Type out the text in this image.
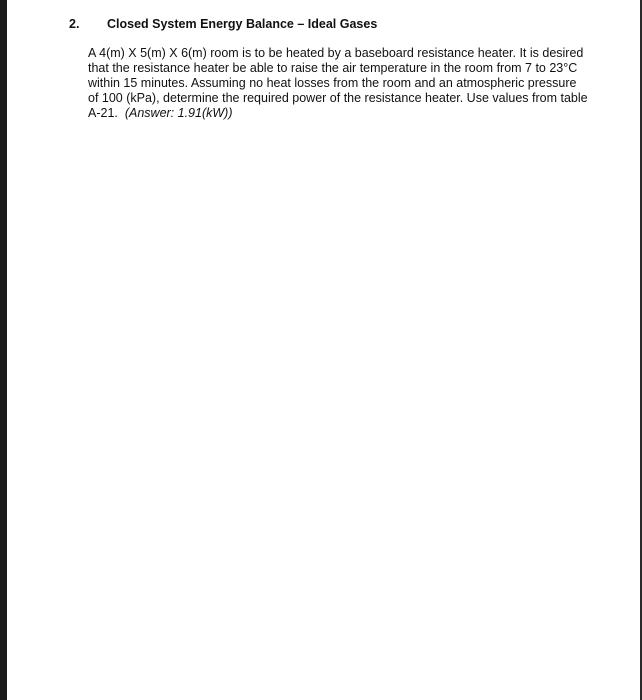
2. Closed System Energy Balance – Ideal Gases
A 4(m) X 5(m) X 6(m) room is to be heated by a baseboard resistance heater. It is desired
that the resistance heater be able to raise the air temperature in the room from 7 to 23°C
within 15 minutes. Assuming no heat losses from the room and an atmospheric pressure
of 100 (kPa), determine the required power of the resistance heater. Use values from table
A-21. (Answer: 1.91(kW))
